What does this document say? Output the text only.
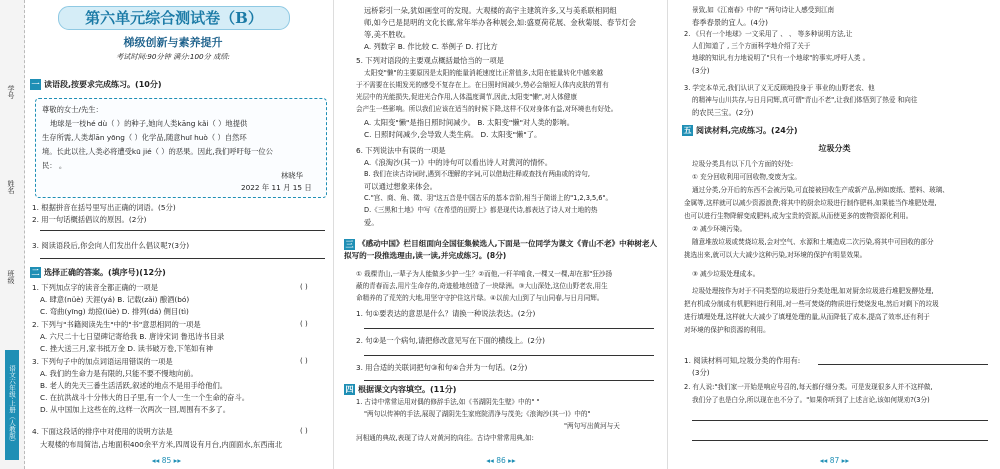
学号
姓名
班级
语文六年级·上册（人教版）
第六单元综合测试卷（B）
梯级创新与素养提升
考试时间:90分钟 满分:100分 成绩:
一 读语段,按要求完成练习。(10分)
尊敬的女士/先生：
地球是一枝hé dù（ ）的种子,她向人类kāng kǎi（ ）地提供
生存所需,人类却ān yōng（ ）化学品,随意huī huò（ ）自然环
境。长此以往,人类必将遭受kū jié（ ）的恶果。因此,我们呼吁每一位公
民： 。
林晓华
2022 年 11 月 15 日
1. 根据拼音在括号里写出正确的词语。(5分)
2. 用一句话概括倡议的原因。(2分)
3. 阅读语段后,你会向人们发出什么倡议呢?(3分)
二 选择正确的答案。(填序号)(12分)
1. 下列加点字的读音全都正确的一项是	( )
A. 肆意(nüè) 天涯(yá) B. 记载(zǎi) 酿酒(bó)
C. 弯曲(yīng) 劫掠(lüè) D. 排列(dá) 侧目(tì)
2. 下列与"书籍阅读先生"中的"书"意思相同的一项是	( )
A. 六尺二十七日望碑记寄给我 B. 唐诗宋词 鲁迅诗书目录
C. 挫大送三月,家书抵万金 D. 读书破万卷,下笔如有神
3. 下列句子中的加点词语运用错误的一项是	( )
A. 我们的生命力是有限的,只能不要不慢地向前。
B. 老人的先天三番生活活跃,叙述的地点不是用手给他们。
C. 在抗洪战斗十分伟大的日子里,有一个人一生一个生命的奋斗。
D. 从中国加上这些在的,这样一次两次一回,周围有不多了。
4. 下面这段话的排序中对使用的说明方法是	( )
大观楼的布局简洁,占地面积400余平方米,四周设有月台,内面面水,东西南北
◂◂ 85 ▸▸
远桥彩引一朵,犹如画堂可的发现。大观楼的高宇主建筑许多,又与美系联相同组
师,如今已是昆明的文化长廊,常年举办各种展会,如:盛夏荷花展、金秋菊展、春节灯会
等,美不胜收。
A. 列数字 B. 作比较 C. 举例子 D. 打比方
5. 下列对语段的主要观点概括最恰当的一项是
太阳变"懒"的主要原因是太阳的能量消耗速度比正常值多,太阳在能量转化中越来越
于不需要在长期发光的感受不复存在上。在日照时间减少,势必会缩短人体内皮肤的胃有
光层中的光能损失,促进光合作用,人体温度调节,因此,太阳变"懒",对人体健康
会产生一些影响。所以我们应该在适当的时候下降,这样不仅对身体有益,对环境也有好处。
A. 太阳变"懒"是指日照时间减少。 B. 太阳变"懒"对人类的影响。
C. 日照时间减少,会导致人类生病。 D. 太阳变"懒"了。
6. 下列说法中有误的一项是
A.《浪淘沙(其一)》中的诗句可以看出诗人对黄河的情怀。
B. 我们在读古诗词时,遇到不理解的字词,可以借助注释或查找有两曲或的诗句,
可以通过想象来体会。
C."宫、商、角、徵、羽"这五音是中国古乐的基本音阶,相当于简谱上的"1,2,3,5,6"。
D.《三黑和土地》中写《在希望的田野上》都是现代诗,都表达了诗人对土地的热
爱。
三 《感动中国》栏目组面向全国征集候选人,下面是一位同学为课文《青山不老》中种树老人拟写的一段推选理由,读一读,并完成练习。(8分)
① 栽棵青山,一辈子为人能做多少护一生？②而他,一秆羊啃食,一棵又一棵,却在那"狂沙扬
蔽的青春而去,用片生命存的,奇迹般地创造了一块绿洲。③大山深处,这位山野老农,用生
命精养的了荒芜的大地,用坚守守护住这片绿。④以前大山到了与山同春,与日月同辉。
1. 句①要表达的意思是什么？请换一种说法表达。(2分)
2. 句②是一个病句,请把修改意见写在下面的横线上。(2分)
3. 用合适的关联词把句③和句④合并为一句话。(2分)
四 根据课文内容填空。(11分)
1. 古诗中常常运用对偶的修辞手法,如《书湖阴先生壁》中的" "
"两句以传神的手法,展现了湖阴先生家庭院清净与茂美;《浪淘沙(其一)》中的"
"两句写出黄河与天
河相通的典故,表现了诗人对黄河的向往。古诗中常常用典,如:
◂◂ 86 ▸▸
景致,如《江南春》中的" "两句诗让人感受到江南
春季春景的宜人。(4分)
2. 《只有一个地球》一文采用了 、 、 等多种说明方法,让
人们知道了 , 三个方面科学地介绍了关于
地球的知识,有力地说明了"只有一个地球"的事实,呼吁人类 。
(3分)
3. 学完本单元,我们认识了义无反顾地投身于 事业的山野老农、他
的精神与山川共存,与日月同辉,真可谓"青山不老",让我们体悟到了热爱 和向往
的农民三宝。(2分)
五 阅读材料,完成练习。(24分)
垃圾分类
垃圾分类具有以下几个方面的好处:
① 充分回收利用可回收物,变废为宝。
通过分类,分开后的东西不会被污染,可直接被回收生产成新产品,例如废纸、塑料、玻璃、
金属等,这样就可以减少资源浪费;将其中的厨余垃圾进行制作肥料,如果能当作堆肥处理,
也可以进行生物降解变成肥料,成为宝贵的资源,从而使更多的废物资源化利用。
② 减少环境污染。
随意堆放垃圾或焚烧垃圾,会对空气、水源和土壤造成二次污染,将其中可回收的部分
挑选出来,就可以大大减少这种污染,对环境的保护有明显效果。
③ 减少垃圾处理成本。
垃圾处理按作为对于不同类型的垃圾进行分类处理,如对厨余垃圾进行堆肥发酵处理,
把有机成分制成有机肥料进行利用,对一些可焚烧的物质进行焚烧发电,然后对剩下的垃圾
进行填埋处理,这样就大大减少了填埋处理的量,从而降低了成本,提高了效率,还有利于
对环境的保护和资源的利用。
1. 阅读材料可知,垃圾分类的作用有:
(3分)
2. 有人说:"我们家一开始是响应号召的,每天都仔细分类。可是发现很多人并不这样做,
我们分了也是白分,所以现在也不分了。"如果你听到了上述言论,该如何规劝?(3分)
◂◂ 87 ▸▸
